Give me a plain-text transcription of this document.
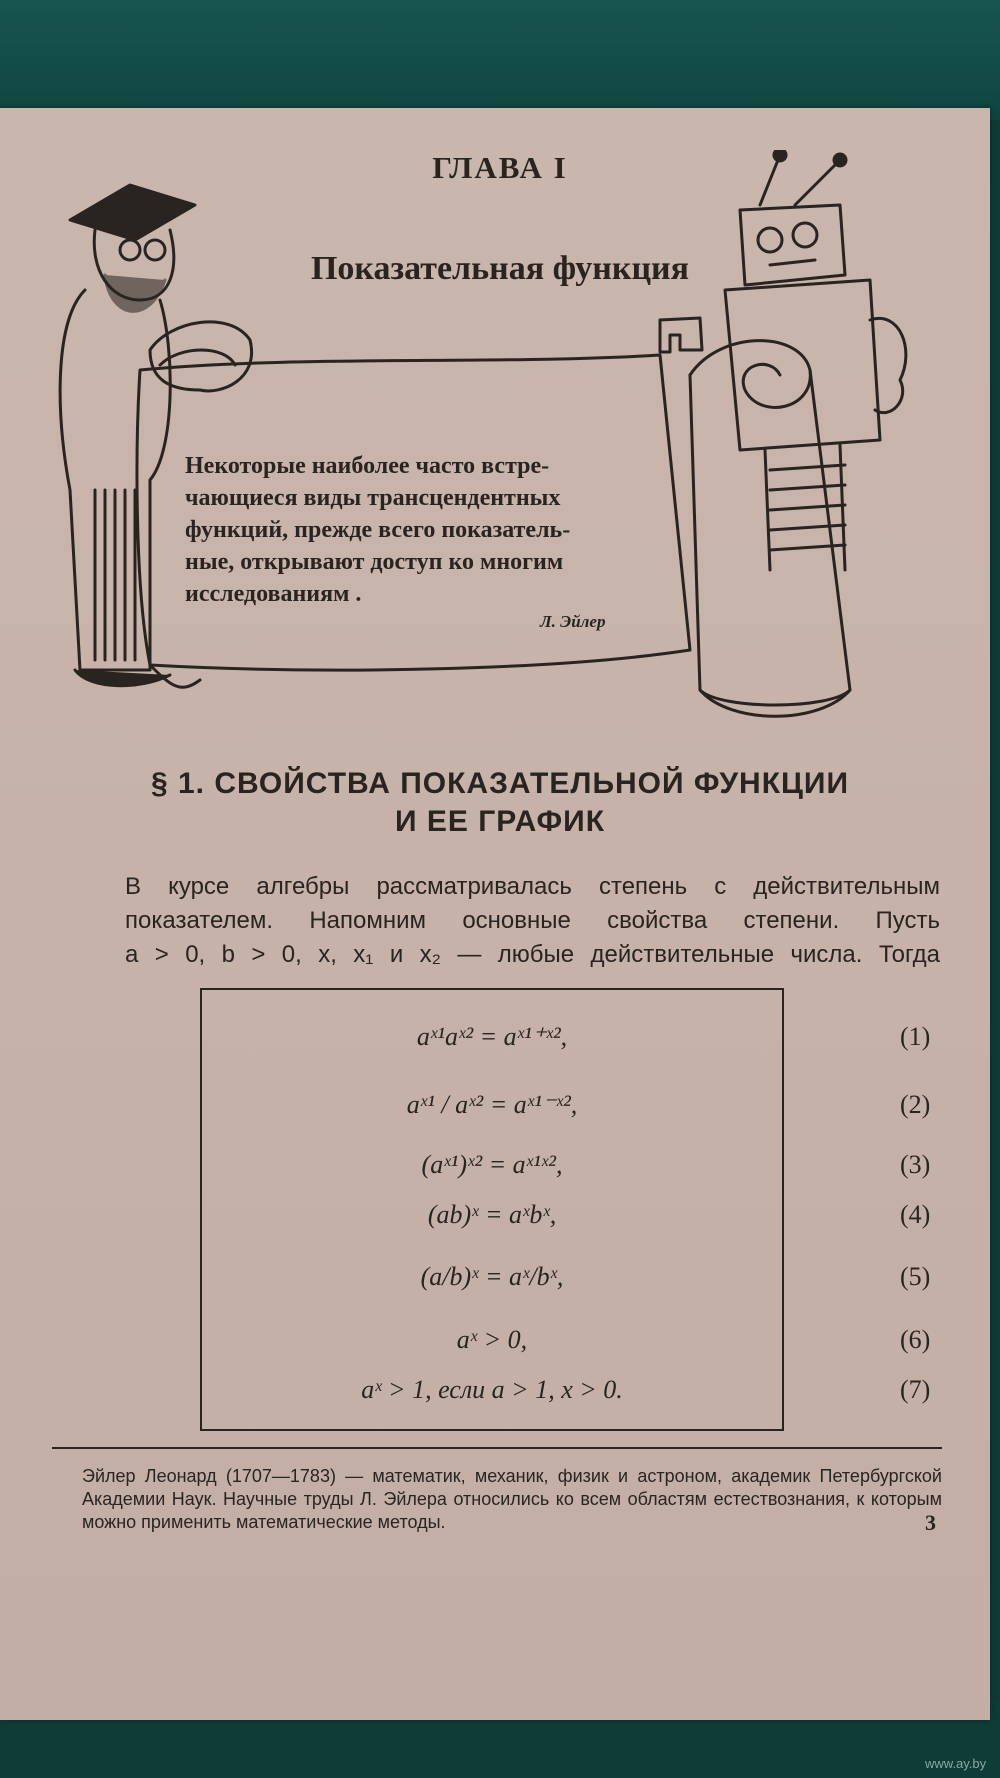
ГЛАВА I
Показательная функция
Некоторые наиболее часто встре-
чающиеся виды трансцендентных
функций, прежде всего показатель-
ные, открывают доступ ко многим
исследованиям .
Л. Эйлер
§ 1. СВОЙСТВА ПОКАЗАТЕЛЬНОЙ ФУНКЦИИ
И ЕЕ ГРАФИК
В курсе алгебры рассматривалась степень с действительным
показателем. Напомним основные свойства степени. Пусть
a > 0, b > 0, x, x₁ и x₂ — любые действительные числа. Тогда
aˣ¹aˣ² = aˣ¹⁺ˣ²,	(1)
aˣ¹ / aˣ² = aˣ¹⁻ˣ²,	(2)
(aˣ¹)ˣ² = aˣ¹ˣ²,	(3)
(ab)ˣ = aˣbˣ,	(4)
(a/b)ˣ = aˣ/bˣ,	(5)
aˣ > 0,	(6)
aˣ > 1, если a > 1, x > 0.	(7)
Эйлер Леонард (1707—1783) — математик, механик, физик и астроном, академик Петербургской Академии Наук. Научные труды Л. Эйлера относились ко всем областям естествознания, к которым можно применить математические методы.	3
www.ay.by
